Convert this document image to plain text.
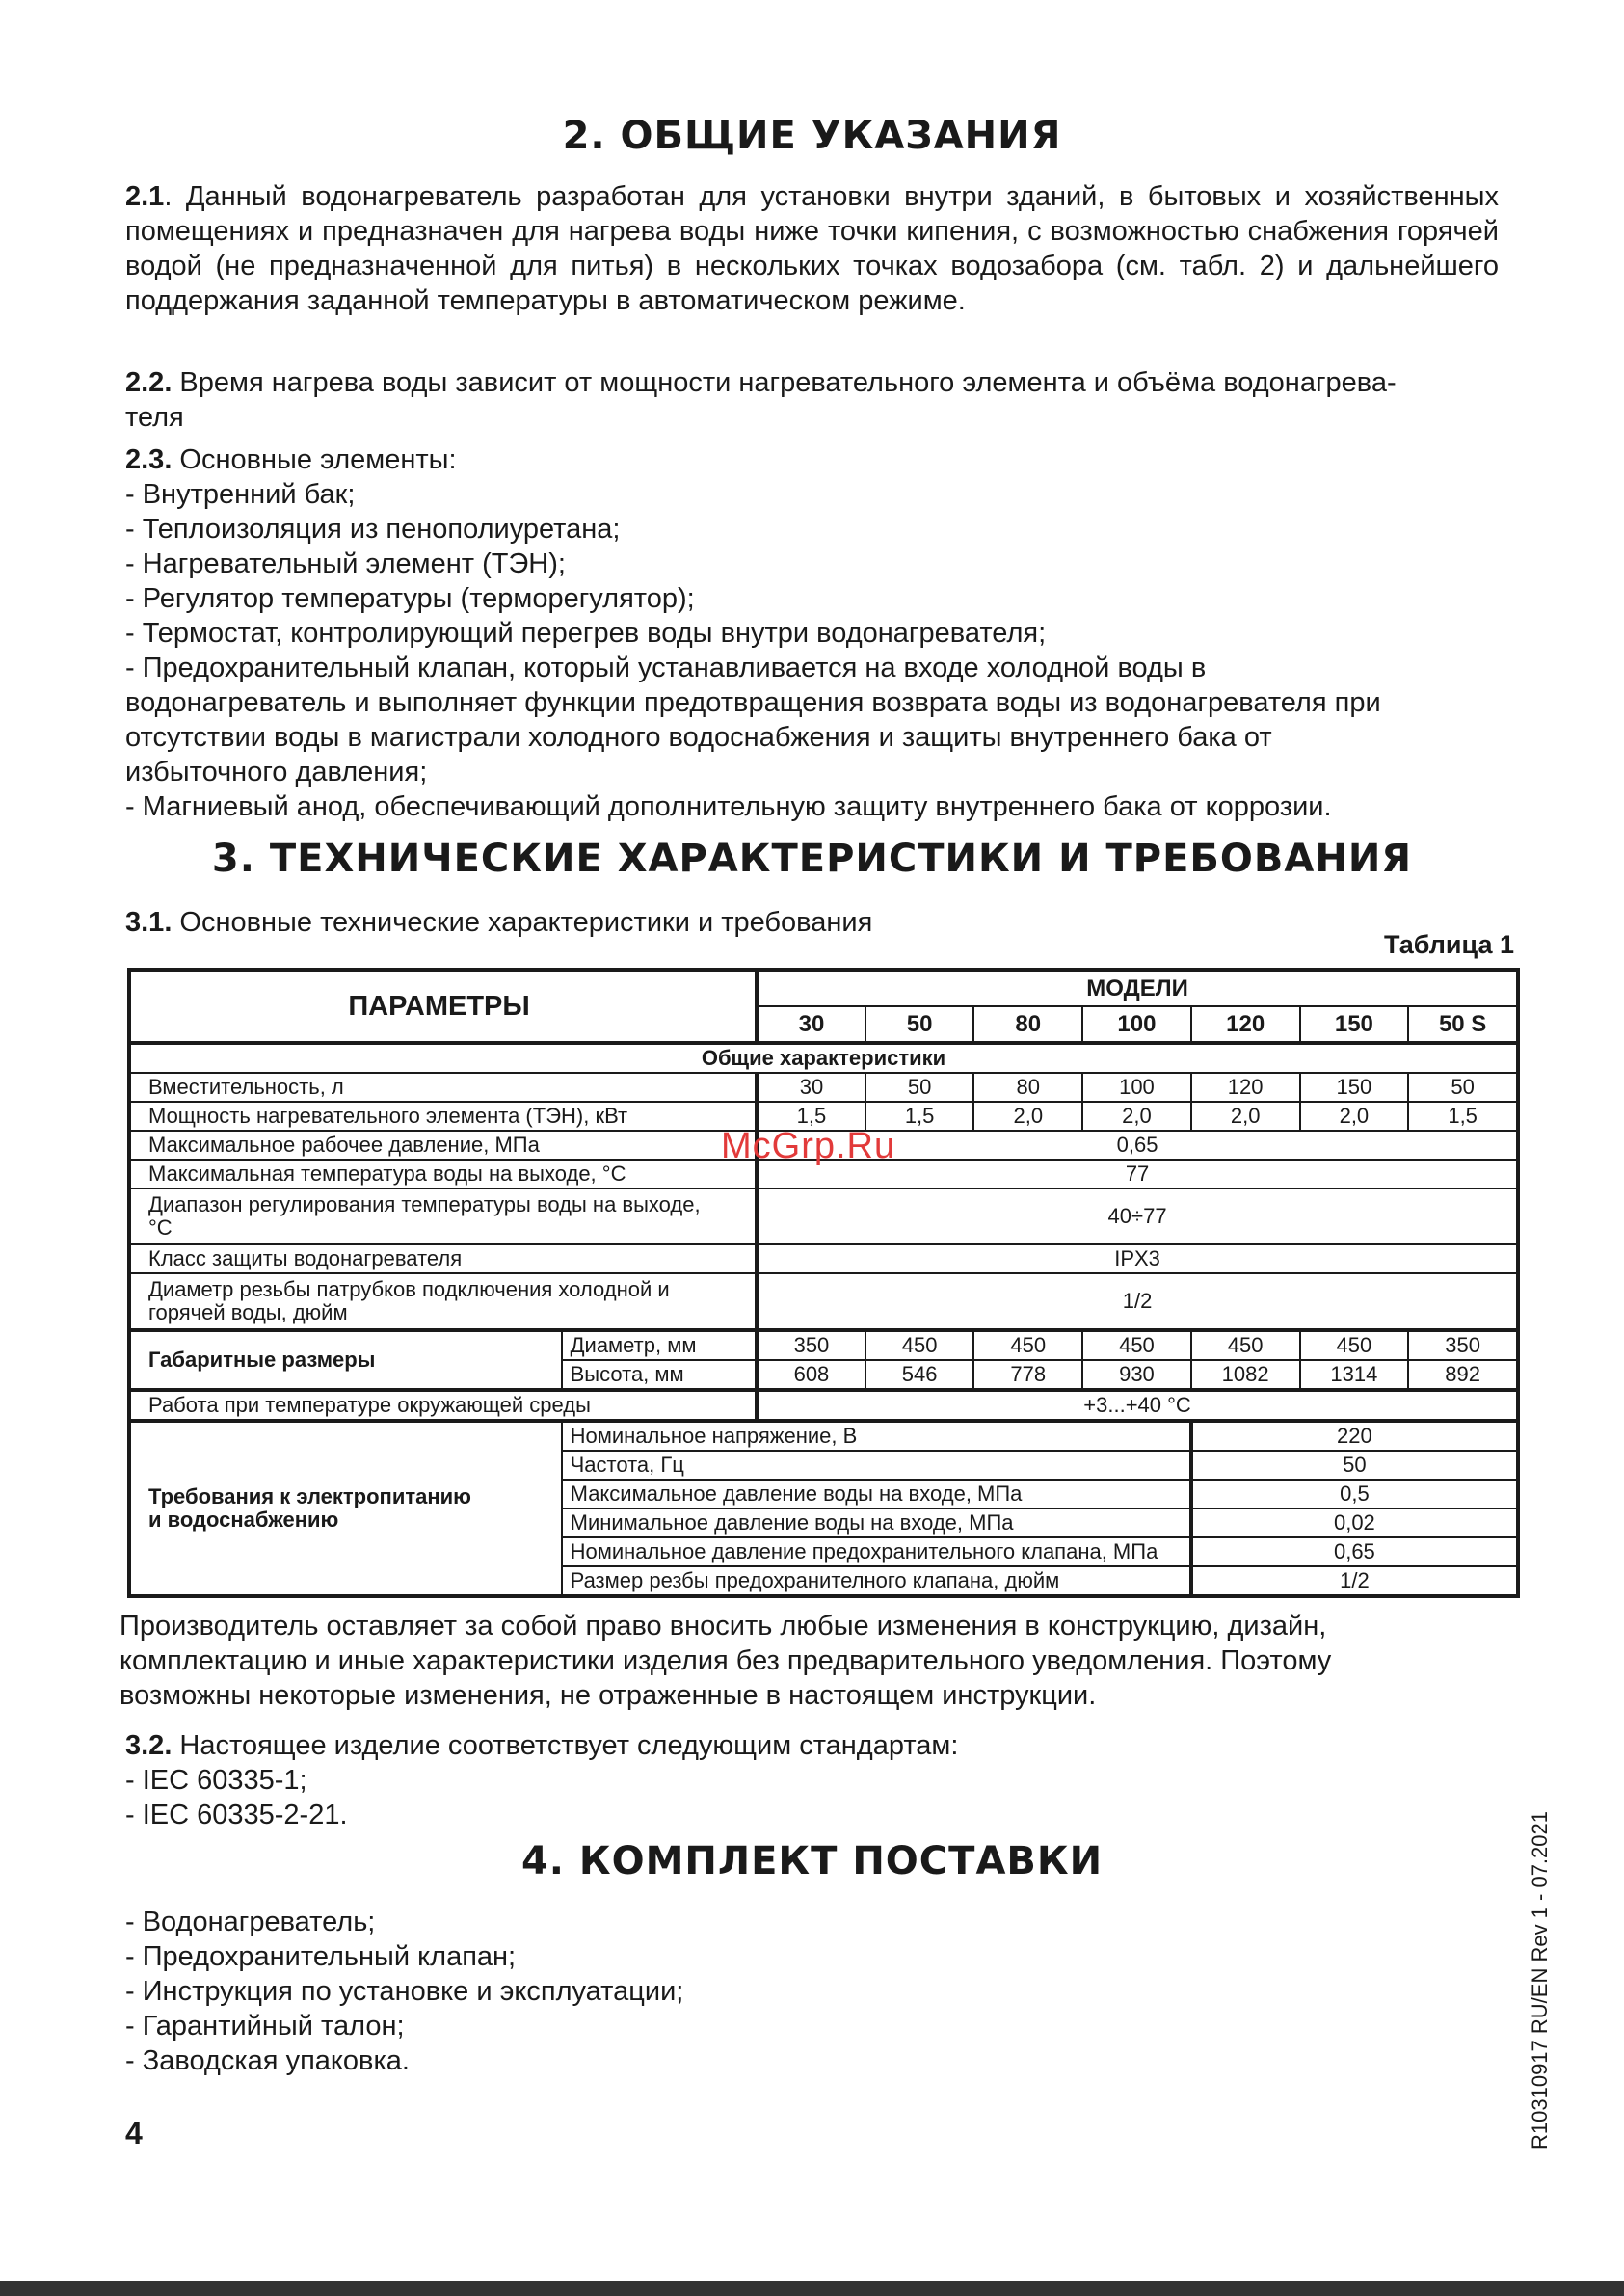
2. ОБЩИЕ УКАЗАНИЯ
2.1. Данный водонагреватель разработан для установки внутри зданий, в бытовых и хозяйственных помещениях и предназначен для нагрева воды ниже точки кипения, с возможностью снабжения горячей водой (не предназначенной для питья) в нескольких точках водозабора (см. табл. 2) и дальнейшего поддержания заданной температуры в автоматическом режиме.
2.2. Время нагрева воды зависит от мощности нагревательного элемента и объёма водонагрева-
теля
2.3. Основные элементы:
- Внутренний бак;
- Теплоизоляция из пенополиуретана;
- Нагревательный элемент (ТЭН);
- Регулятор температуры (терморегулятор);
- Термостат, контролирующий перегрев воды внутри водонагревателя;
- Предохранительный клапан, который устанавливается на входе холодной воды в
водонагреватель и выполняет функции предотвращения возврата воды из водонагревателя при
отсутствии воды в магистрали холодного водоснабжения и защиты внутреннего бака от
избыточного давления;
- Магниевый анод, обеспечивающий дополнительную защиту внутреннего бака от коррозии.
3. ТЕХНИЧЕСКИЕ ХАРАКТЕРИСТИКИ И ТРЕБОВАНИЯ
3.1. Основные технические характеристики и требования
Таблица 1
ПАРАМЕТРЫ		МОДЕЛИ						
		30	50	80	100	120	150	50 S
Общие характеристики								
Вместительность, л		30	50	80	100	120	150	50
Мощность нагревательного элемента (ТЭН), кВт		1,5	1,5	2,0	2,0	2,0	2,0	1,5
Максимальное рабочее давление, МПа		0,65						
Максимальная температура воды на выходе, °С		77						
Диапазон регулирования температуры воды на выходе,
°С		40÷77						
Класс защиты водонагревателя		IPX3						
Диаметр резьбы патрубков подключения холодной и
горячей воды, дюйм		1/2						
Габаритные размеры	Диаметр, мм	350	450	450	450	450	450	350
	Высота, мм	608	546	778	930	1082	1314	892
Работа при температуре окружающей среды		+3...+40 °С						
Требования к электропитанию
и водоснабжению	Номинальное напряжение, В					220		
	Частота, Гц					50		
	Максимальное давление воды на входе, МПа					0,5		
	Минимальное давление воды на входе, МПа					0,02		
	Номинальное давление предохранительного клапана, МПа					0,65		
	Размер резбы предохранителного клапана, дюйм					1/2		
McGrp.Ru
Производитель оставляет за собой право вносить любые изменения в конструкцию, дизайн,
комплектацию и иные характеристики изделия без предварительного уведомления. Поэтому
возможны некоторые изменения, не отраженные в настоящем инструкции.
3.2. Настоящее изделие соответствует следующим стандартам:
- IEC 60335-1;
- IEC 60335-2-21.
4. КОМПЛЕКТ ПОСТАВКИ
- Водонагреватель;
- Предохранительный клапан;
- Инструкция по установке и эксплуатации;
- Гарантийный талон;
- Заводская упаковка.
4	R10310917 RU/EN Rev 1 - 07.2021
